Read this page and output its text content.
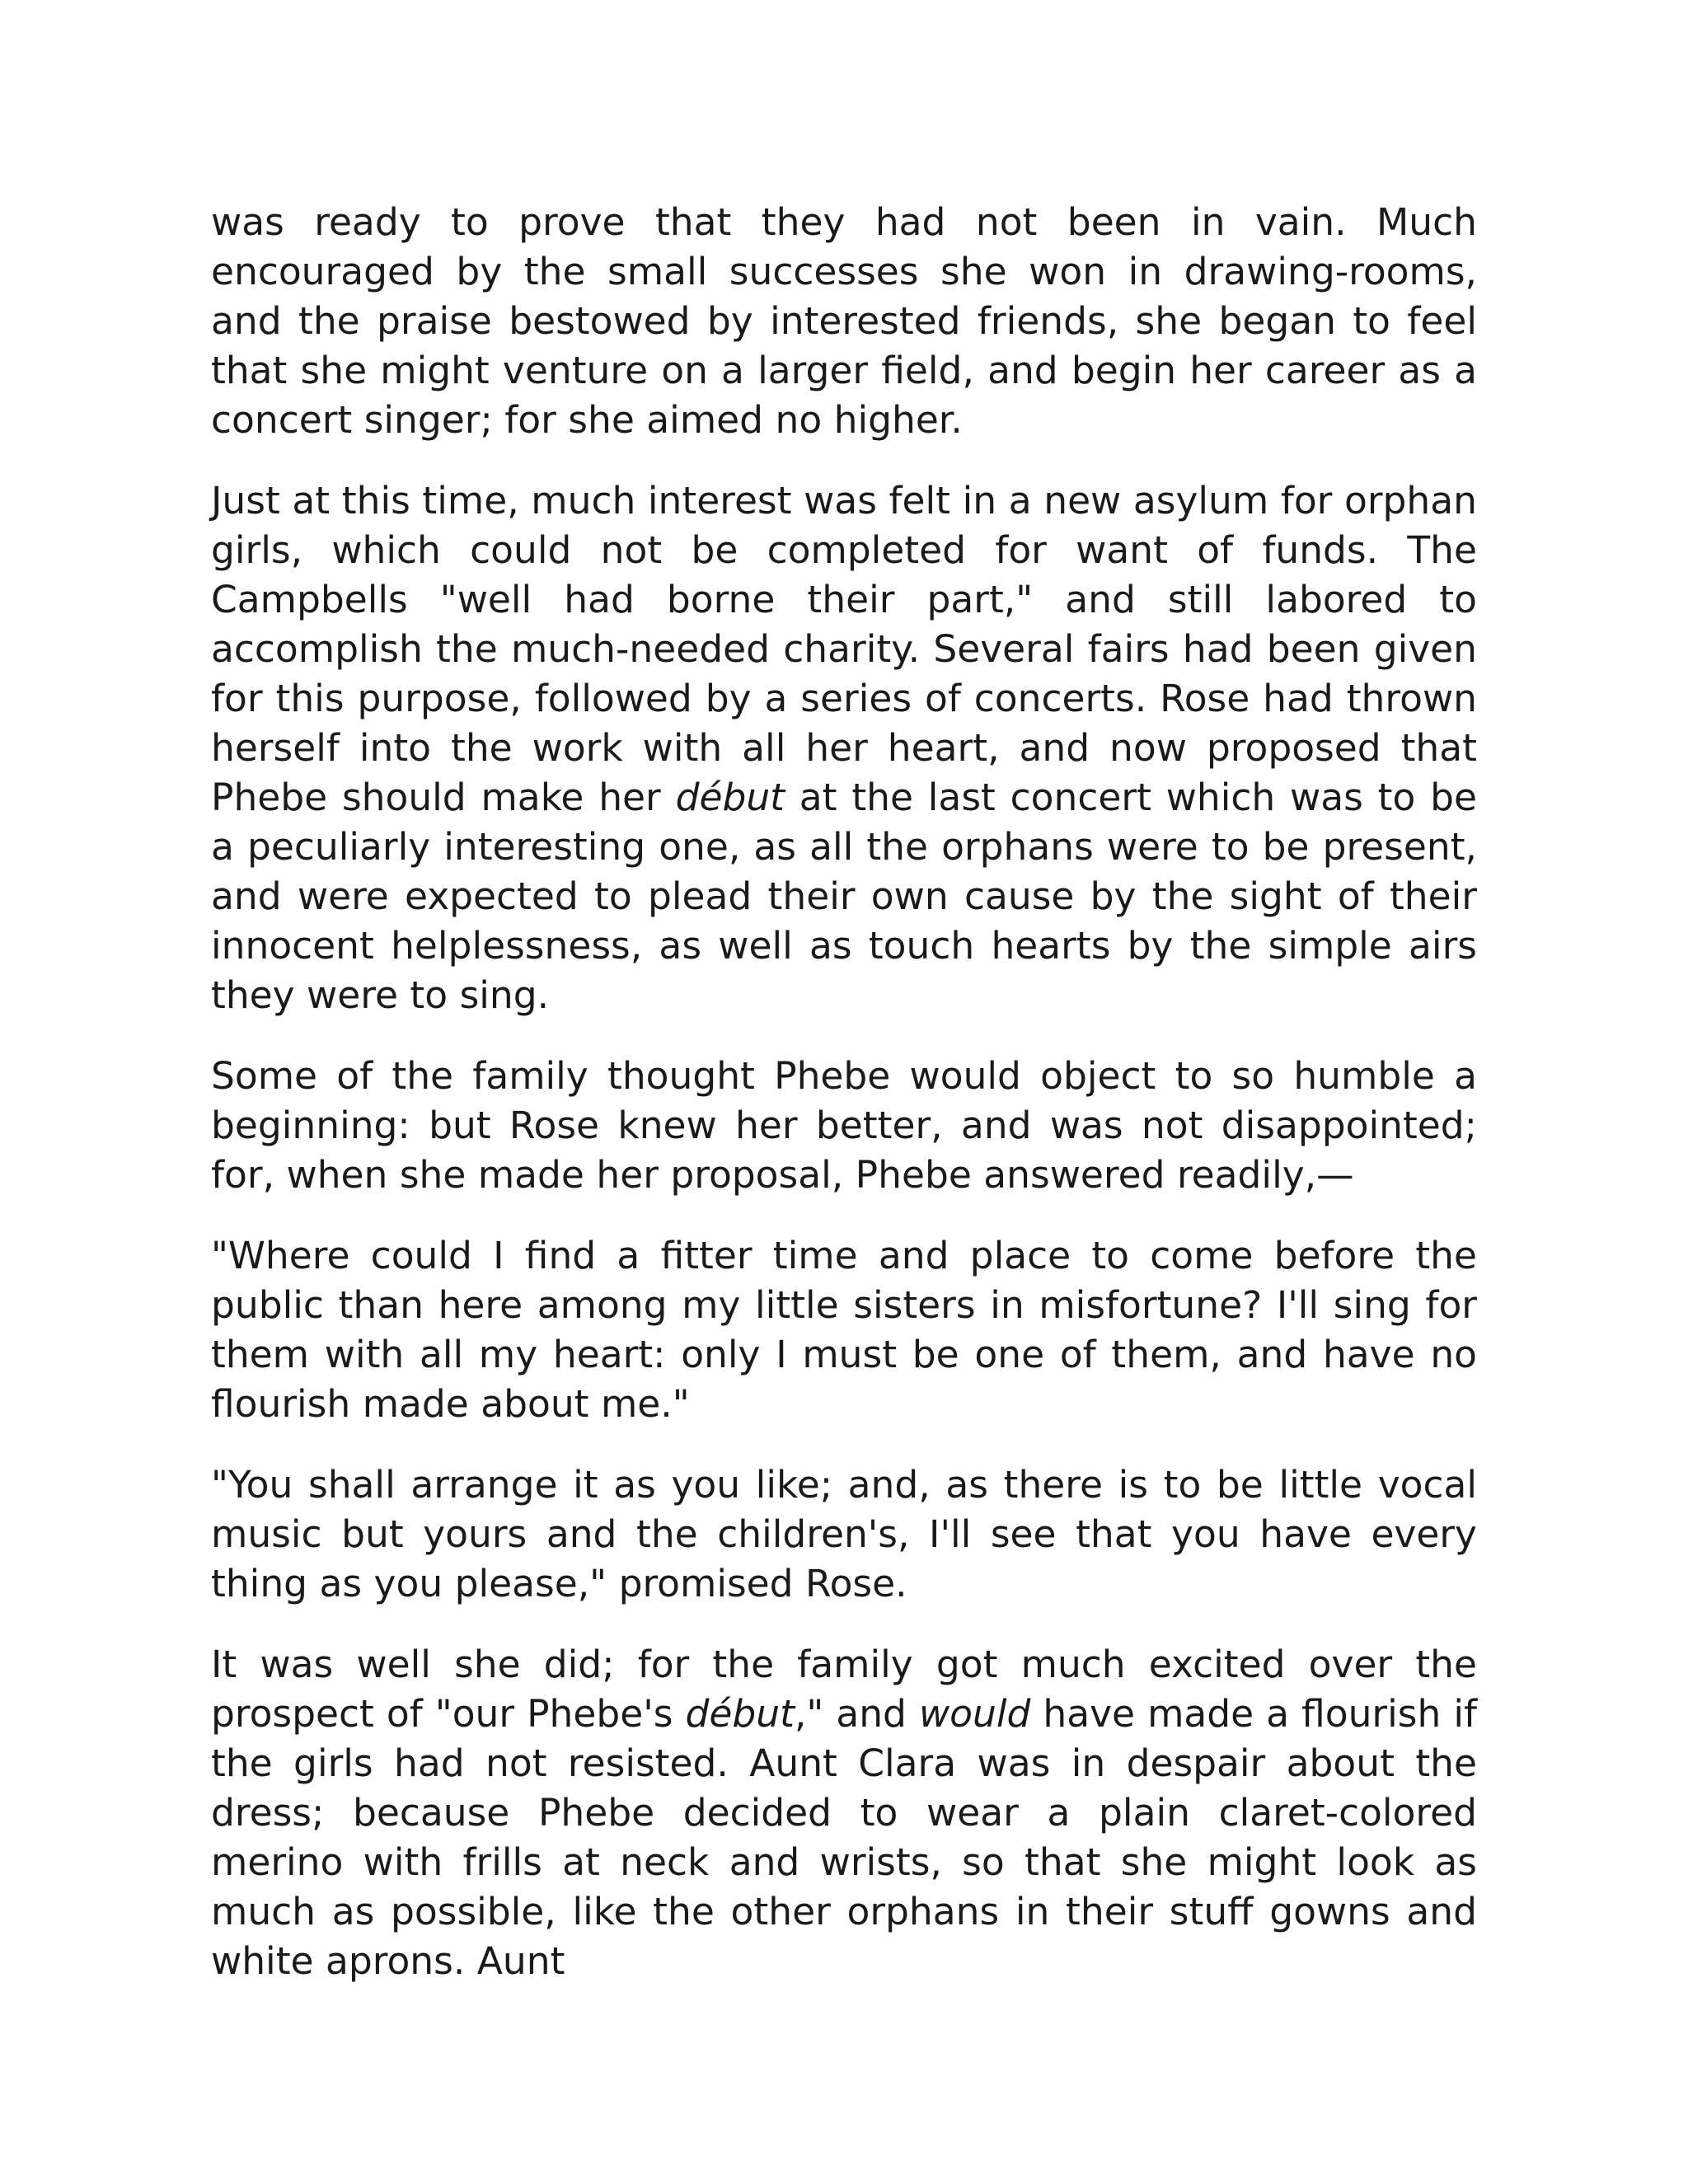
was ready to prove that they had not been in vain. Much encouraged by the small successes she won in drawing-rooms, and the praise bestowed by interested friends, she began to feel that she might venture on a larger field, and begin her career as a concert singer; for she aimed no higher.

Just at this time, much interest was felt in a new asylum for orphan girls, which could not be completed for want of funds. The Campbells "well had borne their part," and still labored to accomplish the much-needed charity. Several fairs had been given for this purpose, followed by a series of concerts. Rose had thrown herself into the work with all her heart, and now proposed that Phebe should make her début at the last concert which was to be a peculiarly interesting one, as all the orphans were to be present, and were expected to plead their own cause by the sight of their innocent helplessness, as well as touch hearts by the simple airs they were to sing.

Some of the family thought Phebe would object to so humble a beginning: but Rose knew her better, and was not disappointed; for, when she made her proposal, Phebe answered readily,—

"Where could I find a fitter time and place to come before the public than here among my little sisters in misfortune? I'll sing for them with all my heart: only I must be one of them, and have no flourish made about me."

"You shall arrange it as you like; and, as there is to be little vocal music but yours and the children's, I'll see that you have every thing as you please," promised Rose.

It was well she did; for the family got much excited over the prospect of "our Phebe's début," and would have made a flourish if the girls had not resisted. Aunt Clara was in despair about the dress; because Phebe decided to wear a plain claret-colored merino with frills at neck and wrists, so that she might look as much as possible, like the other orphans in their stuff gowns and white aprons. Aunt
